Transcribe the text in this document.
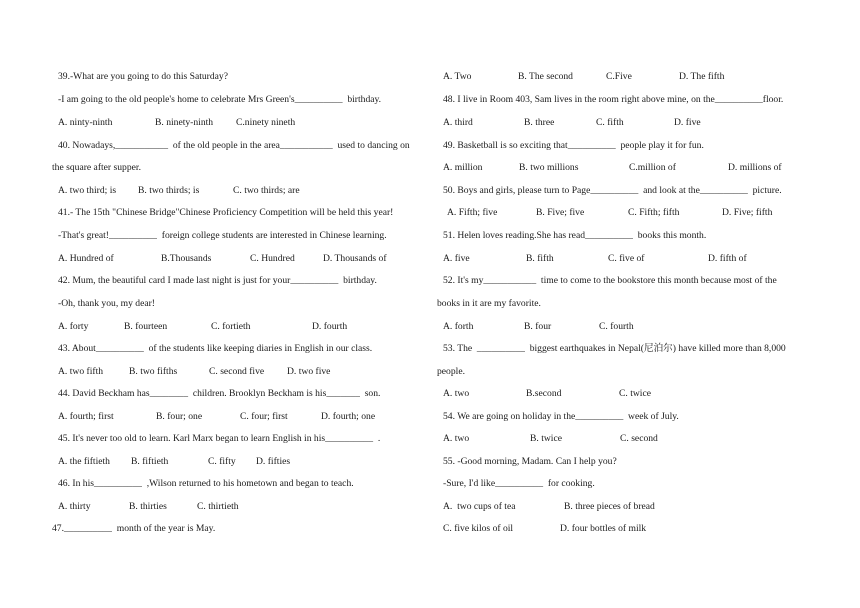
39.-What are you going to do this Saturday?
-I am going to the old people's home to celebrate Mrs Green's__________  birthday.
A. ninty-ninth	B. ninety-ninth C.ninety nineth
40. Nowadays,___________  of the old people in the area___________  used to dancing on
the square after supper.
A. two third; is B. two thirds; is	C. two thirds; are
41.- The 15th "Chinese Bridge"Chinese Proficiency Competition will be held this year!
-That's great!__________  foreign college students are interested in Chinese learning.
A. Hundred of	B.Thousands	C. Hundred	D. Thousands of
42. Mum, the beautiful card I made last night is just for your__________  birthday.
-Oh, thank you, my dear!
A. forty	B. fourteen	C. fortieth	D. fourth
43. About__________  of the students like keeping diaries in English in our class.
A. two fifth	B. two fifths	C. second five D. two five
44. David Beckham has________  children. Brooklyn Beckham is his_______  son.
A. fourth; first	B. four; one	C. four; first	D. fourth; one
45. It's never too old to learn. Karl Marx began to learn English in his__________  .
A. the fiftieth B. fiftieth	C. fifty D. fifties
46. In his__________  ,Wilson returned to his hometown and began to teach.
A. thirty	B. thirties	C. thirtieth
47.__________  month of the year is May.
A. Two	B. The second	C.Five	D. The fifth
48. I live in Room 403, Sam lives in the room right above mine, on the__________floor.
A. third	B. three	C. fifth	D. five
49. Basketball is so exciting that__________  people play it for fun.
A. million	B. two millions	C.million of	D. millions of
50. Boys and girls, please turn to Page__________  and look at the__________  picture.
A. Fifth; five	B. Five; five	C. Fifth; fifth	D. Five; fifth
51. Helen loves reading.She has read__________  books this month.
A. five	B. fifth	C. five of	D. fifth of
52. It's my___________  time to come to the bookstore this month because most of the
books in it are my favorite.
A. forth	B. four	C. fourth
53. The  __________  biggest earthquakes in Nepal(尼泊尔) have killed more than 8,000
people.
A. two	B.second	C. twice
54. We are going on holiday in the__________  week of July.
A. two	B. twice	C. second
55. -Good morning, Madam. Can I help you?
-Sure, I'd like__________  for cooking.
A.  two cups of tea	B. three pieces of bread
C. five kilos of oil	D. four bottles of milk
